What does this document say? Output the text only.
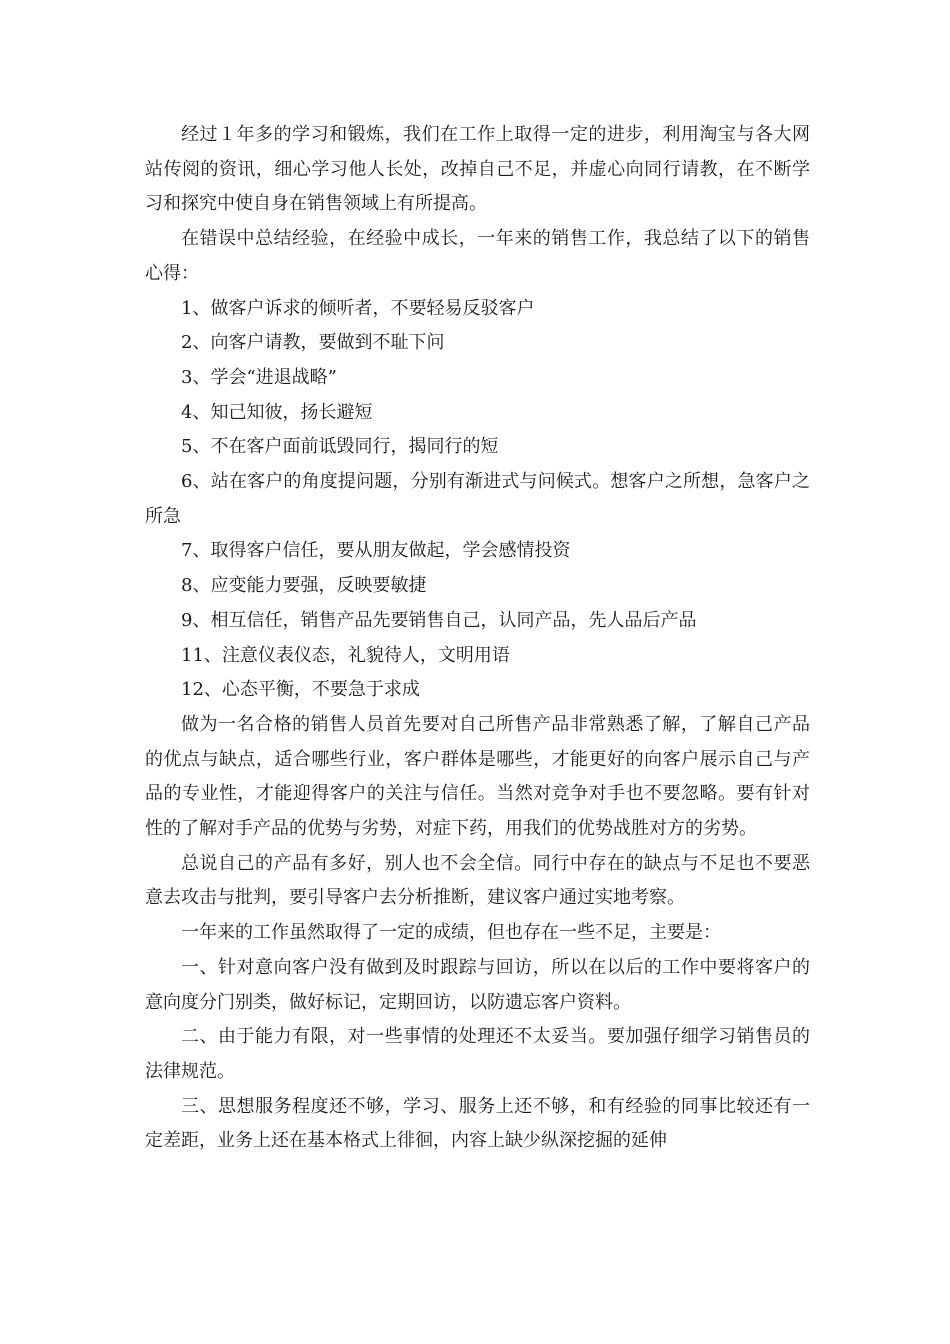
经过１年多的学习和锻炼，我们在工作上取得一定的进步，利用淘宝与各大网站传阅的资讯，细心学习他人长处，改掉自己不足，并虚心向同行请教，在不断学习和探究中使自身在销售领域上有所提高。

在错误中总结经验，在经验中成长，一年来的销售工作，我总结了以下的销售心得：

1、做客户诉求的倾听者，不要轻易反驳客户

2、向客户请教，要做到不耻下问

3、学会“进退战略”

4、知己知彼，扬长避短

5、不在客户面前诋毁同行，揭同行的短

6、站在客户的角度提问题，分别有渐进式与问候式。想客户之所想，急客户之所急

7、取得客户信任，要从朋友做起，学会感情投资

8、应变能力要强，反映要敏捷

9、相互信任，销售产品先要销售自己，认同产品，先人品后产品

11、注意仪表仪态，礼貌待人，文明用语

12、心态平衡，不要急于求成

做为一名合格的销售人员首先要对自己所售产品非常熟悉了解，了解自己产品的优点与缺点，适合哪些行业，客户群体是哪些，才能更好的向客户展示自己与产品的专业性，才能迎得客户的关注与信任。当然对竞争对手也不要忽略。要有针对性的了解对手产品的优势与劣势，对症下药，用我们的优势战胜对方的劣势。

总说自己的产品有多好，别人也不会全信。同行中存在的缺点与不足也不要恶意去攻击与批判，要引导客户去分析推断，建议客户通过实地考察。

一年来的工作虽然取得了一定的成绩，但也存在一些不足，主要是：

一、针对意向客户没有做到及时跟踪与回访，所以在以后的工作中要将客户的意向度分门别类，做好标记，定期回访，以防遗忘客户资料。

二、由于能力有限，对一些事情的处理还不太妥当。要加强仔细学习销售员的法律规范。

三、思想服务程度还不够，学习、服务上还不够，和有经验的同事比较还有一定差距，业务上还在基本格式上徘徊，内容上缺少纵深挖掘的延伸
